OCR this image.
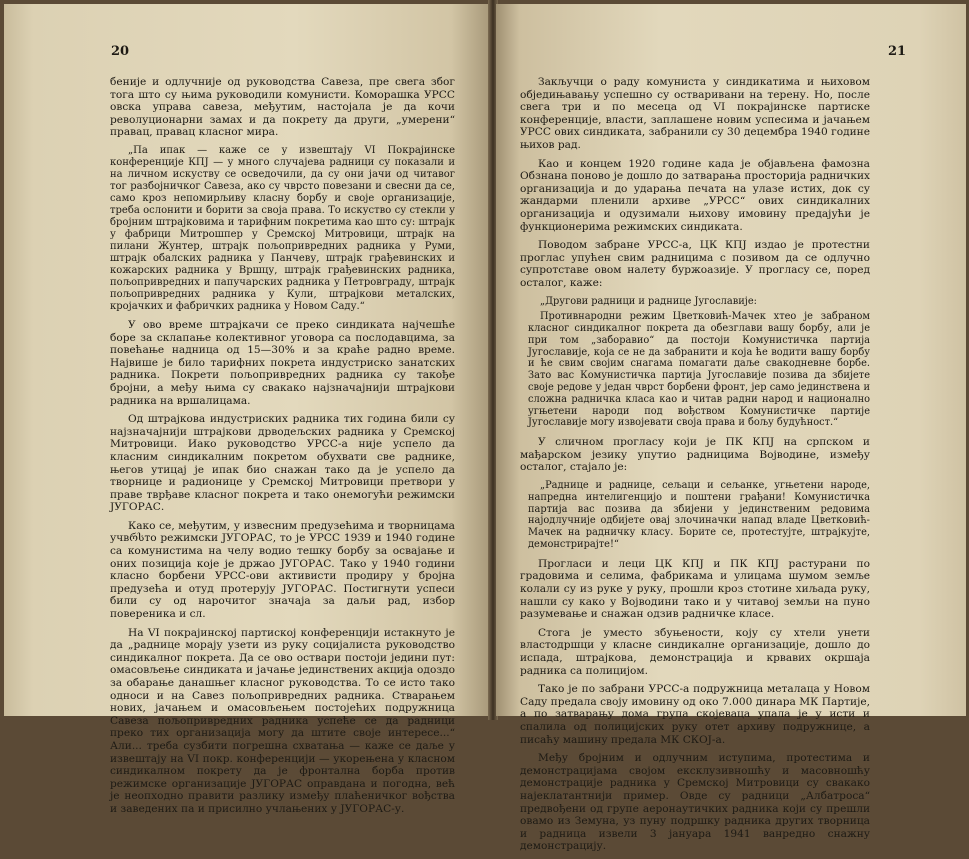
20

беније и одлучније од руководства Савеза, пре свега због тога што су њима руководили комунисти. Коморашка УРСС овска управа савеза, међутим, настојала је да кочи револуционарни замах и да покрету да други, „умерени“ правац, правац класног мира.

„Па ипак — каже се у извештају VI Покрајинске конференције КПЈ — у много случајева радници су показали и на личном искуству се осведочили, да су они јачи од читавог тог разбојничког Савеза, ако су чврсто повезани и свесни да се, само кроз непомирљиву класну борбу и своје организације, треба ослонити и борити за своја права. То искуство су стекли у бројним штрајковима и тарифним покретима као што су: штрајк у фабрици Митрошпер у Сремској Митровици, штрајк на пилани Жунтер, штрајк пољопривредних радника у Руми, штрајк обалских радника у Панчеву, штрајк грађевинских и кожарских радника у Вршцу, штрајк грађевинских радника, пољопривредних и папучарских радника у Петровграду, штрајк пољопривредних радника у Кули, штрајкови металских, кројачких и фабричких радника у Новом Саду.“

У ово време штрајкачи се преко синдиката најчешће боре за склапање колективног уговора са послодавцима, за повећање надница од 15—30% и за краће радно време. Највише је било тарифних покрета индустриско занатских радника. Покрети пољопривредних радника су такође бројни, а међу њима су свакако најзначајнији штрајкови радника на вршалицама.

Од штрајкова индустриских радника тих година били су најзначајнији штрајкови дрводељских радника у Сремској Митровици. Иако руководство УРСС-а није успело да класним синдикалним покретом обухвати све раднике, његов утицај је ипак био снажан тако да је успело да творнице и радионице у Сремској Митровици претвори у праве тврђаве класног покрета и тако онемогући режимски ЈУГОРАС.

Како се, међутим, у извесним предузећима и творницама учвრსто режимски ЈУГОРАС, то је УРСС 1939 и 1940 године са комунистима на челу водио тешку борбу за освајање и оних позиција које је држао ЈУГОРАС. Тако у 1940 години класно борбени УРСС-ови активисти продиру у бројна предузећа и отуд протерују ЈУГОРАС. Постигнути успеси били су од нарочитог значаја за даљи рад, избор повереника и сл.

На VI покрајинској партиској конференцији истакнуто је да „раднице морају узети из руку социјалиста руководство синдикалног покрета. Да се ово оствари постоји једини пут: омасовљење синдиката и јачање јединствених акција одоздо за обарање данашњег класног руководства. То се исто тако односи и на Савез пољопривредних радника. Стварањем нових, јачањем и омасовљењем постојећих подружница Савеза пољопривредних радника успеће се да радници преко тих организација могу да штите своје интересе...“ Али... треба сузбити погрешна схватања — каже се даље у извештају на VI покр. конференцији — укорењена у класном синдикалном покрету да је фронтална борба против режимске организације ЈУГОРАС оправдана и погодна, већ је неопходно правити разлику између плаћеничког вођства и заведених па и присилно учлањених у ЈУГОРАС-у.

21

Закључци о раду комуниста у синдикатима и њиховом обједињавању успешно су остваривани на терену. Но, после свега три и по месеца од VI покрајинске партиске конференције, власти, заплашене новим успесима и јачањем УРСС ових синдиката, забранили су 30 децембра 1940 године њихов рад.

Као и концем 1920 године када је објављена фамозна Обзнана поново је дошло до затварања просторија радничких организација и до ударања печата на улазе истих, док су жандарми пленили архиве „УРСС“ ових синдикалних организација и одузимали њихову имовину предајући је функционерима режимских синдиката.

Поводом забране УРСС-а, ЦК КПЈ издао је протестни проглас упућен свим радницима с позивом да се одлучно супротставе овом налету буржоазије. У прогласу се, поред осталог, каже:

„Другови радници и раднице Југославије:

Противнародни режим Цветковић-Мачек хтео је забраном класног синдикалног покрета да обезглави вашу борбу, али је при том „заборавио“ да постоји Комунистичка партија Југославије, која се не да забранити и која ће водити вашу борбу и ће свим својим снагама помагати даље свакодневне борбе. Зато вас Комунистичка партија Југославије позива да збијете своје редове у један чврст борбени фронт, јер само јединствена и сложна радничка класа као и читав радни народ и национално угњетени народи под вођством Комунистичке партије Југославије могу извојевати своја права и бољу будућност.“

У сличном прогласу који је ПК КПЈ на српском и мађарском језику упутио радницима Војводине, између осталог, стајало је:

„Раднице и раднице, сељаци и сељанке, угњетени народе, напредна интелигенцијо и поштени грађани! Комунистичка партија вас позива да збијени у јединственим редовима најодлучније одбијете овај злочиначки напад владе Цветковић-Мачек на радничку класу. Борите се, протестујте, штрајкујте, демонстрирајте!“

Прогласи и леци ЦК КПЈ и ПК КПЈ растурани по градовима и селима, фабрикама и улицама шумом земље колали су из руке у руку, прошли кроз стотине хиљада руку, нашли су како у Војводини тако и у читавој земљи на пуно разумевање и снажан одзив радничке класе.

Стога је уместо збуњености, коју су хтели унети властодршци у класне синдикалне организације, дошло до испада, штрајкова, демонстрација и крвавих окршаја радника са полицијом.

Тако је по забрани УРСС-а подружница металаца у Новом Саду предала своју имовину од око 7.000 динара МК Партије, а по затварању дома група скојеваца упала је у исти и спалила од полицијских руку отет архиву подружнице, а писаћу машину предала МК СКОЈ-а.

Међу бројним и одлучним иступима, протестима и демонстрацијама својом ексклузивношћу и масовношћу демонстрације радника у Сремској Митровици су свакако најеклатантнији пример. Овде су радници „Албатроса“ предвођени од групе аеронаутичких радника који су прешли овамо из Земуна, уз пуну подршку радника других творница и радница извели 3 јануара 1941 ванредно снажну демонстрацију.
